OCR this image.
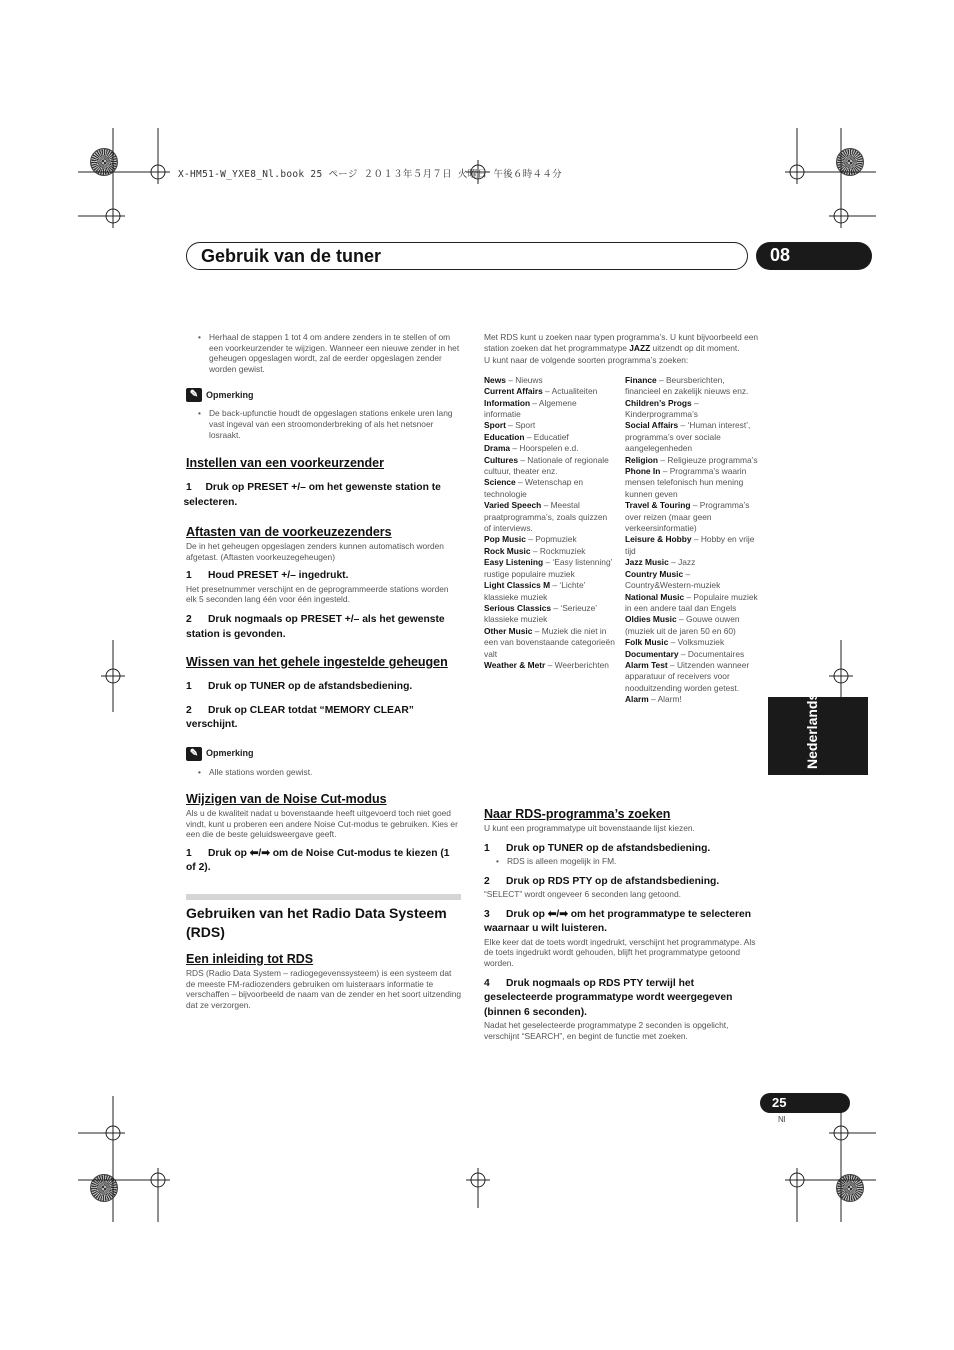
X-HM51-W_YXE8_Nl.book 25 ページ ２０１３年５月７日 火曜日 午後６時４４分
Gebruik van de tuner	08
Nederlands

• Herhaal de stappen 1 tot 4 om andere zenders in te stellen of om een voorkeurzender te wijzigen. Wanneer een nieuwe zender in het geheugen opgeslagen wordt, zal de eerder opgeslagen zender worden gewist.

✎ Opmerking

• De back-upfunctie houdt de opgeslagen stations enkele uren lang vast ingeval van een stroomonderbreking of als het netsnoer losraakt.

Instellen van een voorkeurzender
1	Druk op PRESET +/– om het gewenste station te selecteren.
Aftasten van de voorkeuzezenders
De in het geheugen opgeslagen zenders kunnen automatisch worden afgetast. (Aftasten voorkeuzegeheugen)
1 Houd PRESET +/– ingedrukt.
Het presetnummer verschijnt en de geprogrammeerde stations worden elk 5 seconden lang één voor één ingesteld.
2 Druk nogmaals op PRESET +/– als het gewenste station is gevonden.
Wissen van het gehele ingestelde geheugen
1 Druk op TUNER op de afstandsbediening.
2 Druk op CLEAR totdat “MEMORY CLEAR” verschijnt.
✎ Opmerking

• Alle stations worden gewist.

Wijzigen van de Noise Cut-modus
Als u de kwaliteit nadat u bovenstaande heeft uitgevoerd toch niet goed vindt, kunt u proberen een andere Noise Cut-modus te gebruiken. Kies er een die de beste geluidsweergave geeft.
1 Druk op ⬅/➡ om de Noise Cut-modus te kiezen (1 of 2).
Gebruiken van het Radio Data Systeem (RDS)
Een inleiding tot RDS
RDS (Radio Data System – radiogegevenssysteem) is een systeem dat de meeste FM-radiozenders gebruiken om luisteraars informatie te verschaffen – bijvoorbeeld de naam van de zender en het soort uitzending dat ze verzorgen.
Met RDS kunt u zoeken naar typen programma’s. U kunt bijvoorbeeld een station zoeken dat het programmatype JAZZ uitzendt op dit moment.
U kunt naar de volgende soorten programma’s zoeken:
News – Nieuws
Current Affairs – Actualiteiten
Information – Algemene informatie
Sport – Sport
Education – Educatief
Drama – Hoorspelen e.d.
Cultures – Nationale of regionale cultuur, theater enz.
Science – Wetenschap en technologie
Varied Speech – Meestal praatprogramma’s, zoals quizzen of interviews.
Pop Music – Popmuziek
Rock Music – Rockmuziek
Easy Listening – ‘Easy listenning’ rustige populaire muziek
Light Classics M – ‘Lichte’ klassieke muziek
Serious Classics – ‘Serieuze’ klassieke muziek
Other Music – Muziek die niet in een van bovenstaande categorieën valt
Weather & Metr – Weerberichten
Finance – Beursberichten, financieel en zakelijk nieuws enz.
Children’s Progs – Kinderprogramma’s
Social Affairs – ‘Human interest’, programma’s over sociale aangelegenheden
Religion – Religieuze programma’s
Phone In – Programma’s waarin mensen telefonisch hun mening kunnen geven
Travel & Touring – Programma’s over reizen (maar geen verkeersinformatie)
Leisure & Hobby – Hobby en vrije tijd
Jazz Music – Jazz
Country Music – Country&Western-muziek
National Music – Populaire muziek in een andere taal dan Engels
Oldies Music – Gouwe ouwen (muziek uit de jaren 50 en 60)
Folk Music – Volksmuziek
Documentary – Documentaires
Alarm Test – Uitzenden wanneer apparatuur of receivers voor nooduitzending worden getest.
Alarm – Alarm!
Naar RDS-programma’s zoeken
U kunt een programmatype uit bovenstaande lijst kiezen.
1 Druk op TUNER op de afstandsbediening.

• RDS is alleen mogelijk in FM.

2 Druk op RDS PTY op de afstandsbediening.
“SELECT” wordt ongeveer 6 seconden lang getoond.
3 Druk op ⬅/➡ om het programmatype te selecteren waarnaar u wilt luisteren.
Elke keer dat de toets wordt ingedrukt, verschijnt het programmatype. Als de toets ingedrukt wordt gehouden, blijft het programmatype getoond worden.
4 Druk nogmaals op RDS PTY terwijl het geselecteerde programmatype wordt weergegeven (binnen 6 seconden).
Nadat het geselecteerde programmatype 2 seconden is opgelicht, verschijnt “SEARCH”, en begint de functie met zoeken.
25
Nl
